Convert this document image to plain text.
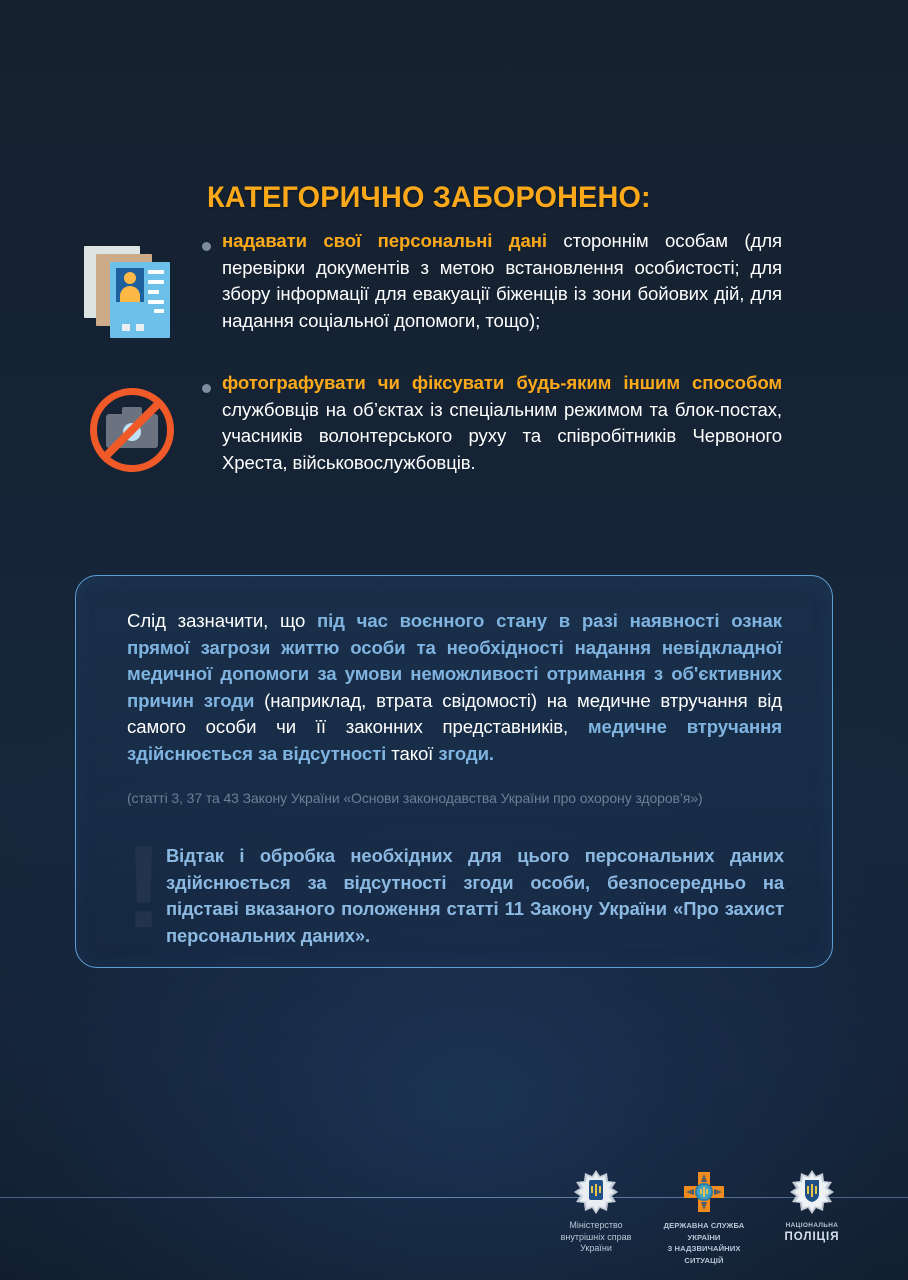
КАТЕГОРИЧНО ЗАБОРОНЕНО:

надавати свої персональні дані стороннім особам (для перевірки документів з метою встановлення особистості; для збору інформації для евакуації біженців із зони бойових дій, для надання соціальної допомоги, тощо);

фотографувати чи фіксувати будь-яким іншим способом службовців на об’єктах із спеціальним режимом та блок-постах, учасників волонтерського руху та співробітників Червоного Хреста, військовослужбовців.

Слід зазначити, що під час воєнного стану в разі наявності ознак прямої загрози життю особи та необхідності надання невідкладної медичної допомоги за умови неможливості отримання з об'єктивних причин згоди (наприклад, втрата свідомості) на медичне втручання від самого особи чи її законних представників, медичне втручання здійснюється за відсутності такої згоди.

(статті 3, 37 та 43 Закону України «Основи законодавства України про охорону здоров’я»)
! Відтак і обробка необхідних для цього персональних даних здійснюється за відсутності згоди особи, безпосередньо на підставі вказаного положення статті 11 Закону України «Про захист персональних даних».

Міністерство
внутрішніх справ
України
ДЕРЖАВНА СЛУЖБА УКРАЇНИ
З НАДЗВИЧАЙНИХ СИТУАЦІЙ
НАЦІОНАЛЬНА
ПОЛІЦІЯ
